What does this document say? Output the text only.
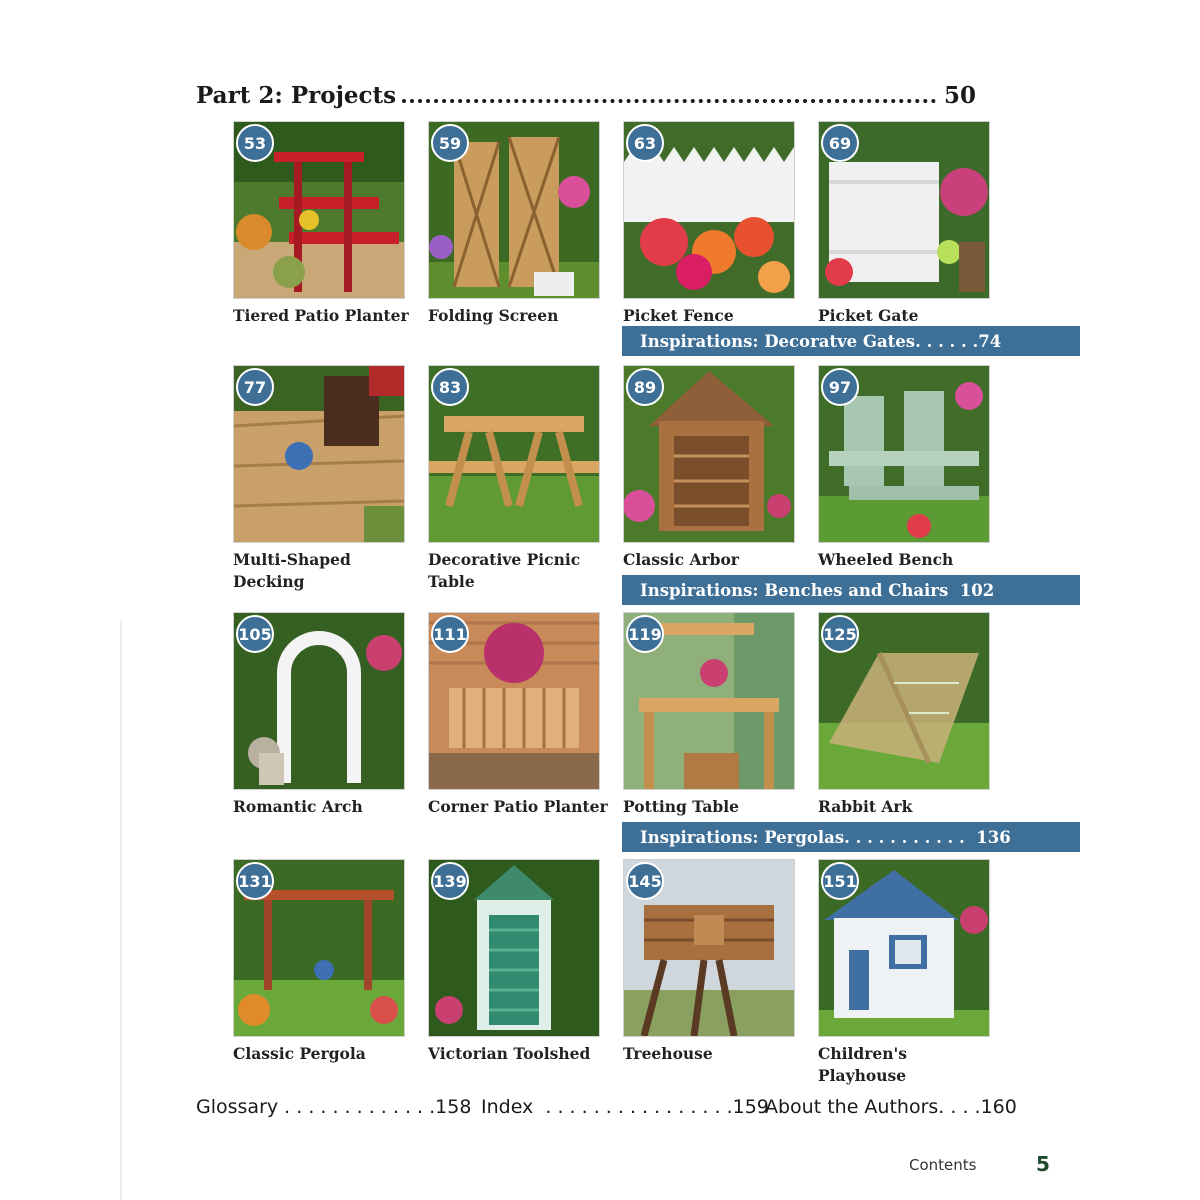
Part 2: Projects	50
53
Tiered Patio Planter
59
Folding Screen
63
Picket Fence
69
Picket Gate
Inspirations: Decoratve Gates. . . . . .74
77
Multi-Shaped
Decking
83
Decorative Picnic
Table
89
Classic Arbor
97
Wheeled Bench
Inspirations: Benches and Chairs  102
105
Romantic Arch
111
Corner Patio Planter
119
Potting Table
125
Rabbit Ark
Inspirations: Pergolas. . . . . . . . . . .  136
131
Classic Pergola
139
Victorian Toolshed
145
Treehouse
151
Children's Playhouse
Glossary . . . . . . . . . . . . .158 Index  . . . . . . . . . . . . . . . .159
About the Authors. . . .160
Contents	5
